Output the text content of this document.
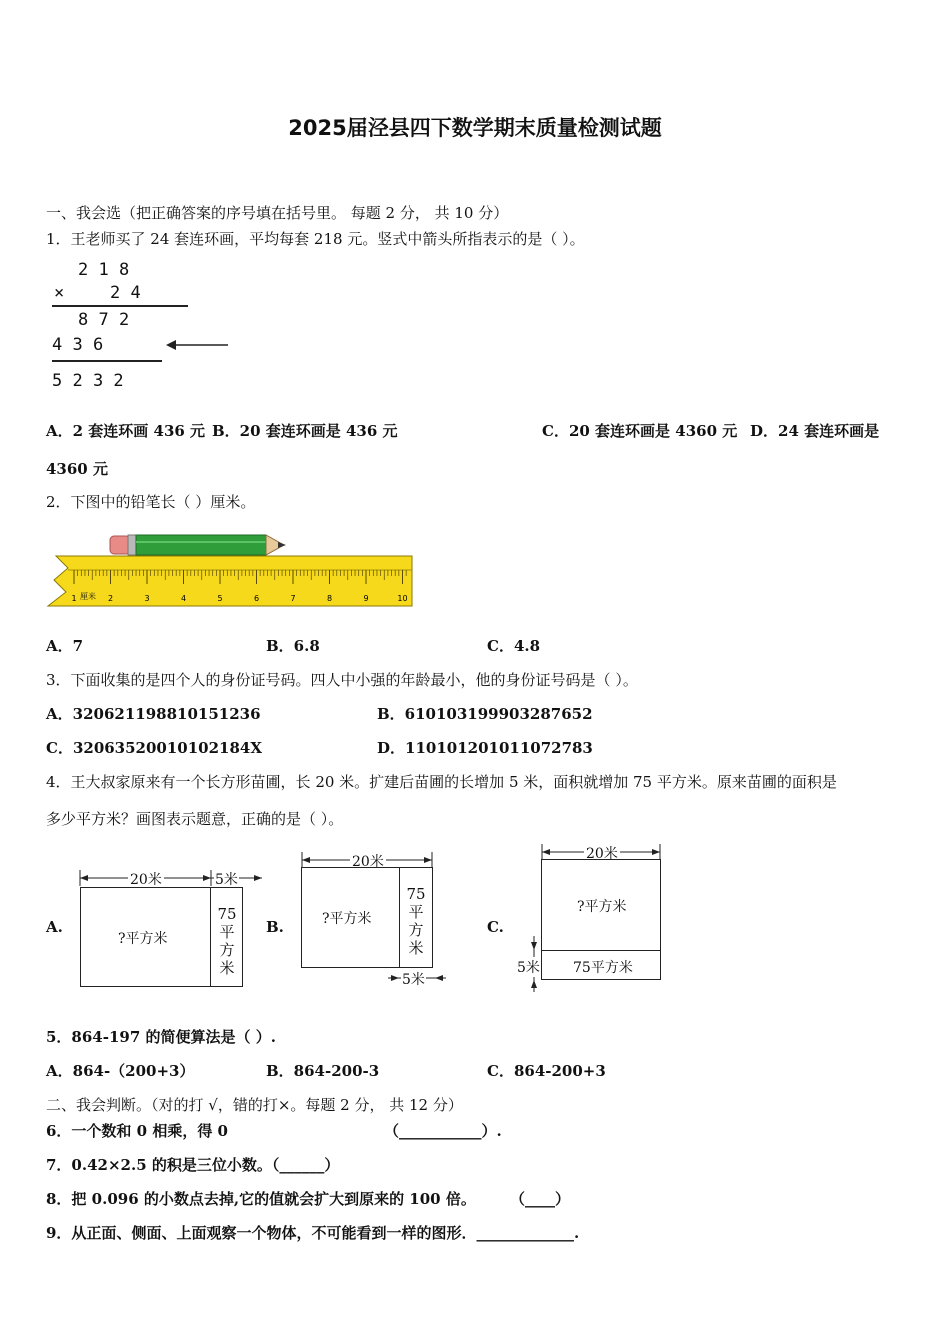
2025届泾县四下数学期末质量检测试题
一、我会选（把正确答案的序号填在括号里。 每题 2 分， 共 10 分）
1．王老师买了 24 套连环画，平均每套 218 元。竖式中箭头所指表示的是（ ）。
2 1 8
×	2 4
8 7 2
4 3 6
5 2 3 2
A．2 套连环画 436 元 B．20 套连环画是 436 元	C．20 套连环画是 4360 元 D．24 套连环画是
4360 元
2．下图中的铅笔长（ ）厘米。
2	3	4	5	6	7	8	9	10
1 厘米
A．7	B．6.8	C．4.8
3．下面收集的是四个人的身份证号码。四人中小强的年龄最小，他的身份证号码是（ ）。
A．320621198810151236	B．610103199903287652
C．32063520010102184X	D．110101201011072783
4．王大叔家原来有一个长方形苗圃，长 20 米。扩建后苗圃的长增加 5 米，面积就增加 75 平方米。原来苗圃的面积是
多少平方米？画图表示题意，正确的是（ ）。
A.
20米	5米
?平方米
75
平
方
米
B.
20米
?平方米
75
平
方
米
5米
C.
20米
?平方米
75平方米
5米
5．864-197 的简便算法是（ ）.
A．864-（200+3）	B．864-200-3	C．864-200+3
二、我会判断。（对的打 √，错的打×。每题 2 分， 共 12 分）
6．一个数和 0 相乘，得 0	（___________）.
7．0.42×2.5 的积是三位小数。（______）
8．把 0.096 的小数点去掉,它的值就会扩大到原来的 100 倍。 （____）
9．从正面、侧面、上面观察一个物体，不可能看到一样的图形．_____________.
